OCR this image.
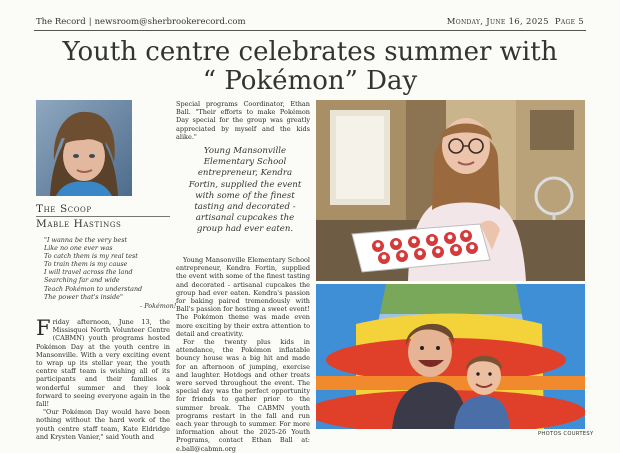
The Record | newsroom@sherbrookerecord.com	Monday, June 16, 2025 Page 5
Youth centre celebrates summer with
“ Pokémon” Day
The Scoop
Mable Hastings
"I wanna be the very best
Like no one ever was
To catch them is my real test
To train them is my cause
I will travel across the land
Searching far and wide
Teach Pokémon to understand
The power that's inside"
- Pokémon!
Friday afternoon, June 13, the Missisquoi North Volunteer Centre (CABMN) youth programs hosted Pokémon Day at the youth centre in Mansonville. With a very exciting event to wrap up its stellar year, the youth centre staff team is wishing all of its participants and their families a wonderful summer and they look forward to seeing everyone again in the fall!
"Our Pokémon Day would have been nothing without the hard work of the youth centre staff team, Kate Eldridge and Krysten Vanier," said Youth and
Special programs Coordinator, Ethan Ball. "Their efforts to make Pokémon Day special for the group was greatly appreciated by myself and the kids alike."
Young Mansonville Elementary School entrepreneur, Kendra Fortin, supplied the event with some of the finest tasting and decorated - artisanal cupcakes the group had ever eaten.
Young Mansonville Elementary School entrepreneur, Kendra Fortin, supplied the event with some of the finest tasting and decorated - artisanal cupcakes the group had ever eaten. Kendra's passion for baking paired tremendously with Ball's passion for hosting a sweet event! The Pokémon theme was made even more exciting by their extra attention to detail and creativity.
For the twenty plus kids in attendance, the Pokémon inflatable bouncy house was a big hit and made for an afternoon of jumping, exercise and laughter. Hotdogs and other treats were served throughout the event. The special day was the perfect opportunity for friends to gather prior to the summer break. The CABMN youth programs restart in the fall and run each year through to summer. For more information about the 2025-26 Youth Programs, contact Ethan Ball at: e.ball@cabmn.org
PHOTOS COURTESY
